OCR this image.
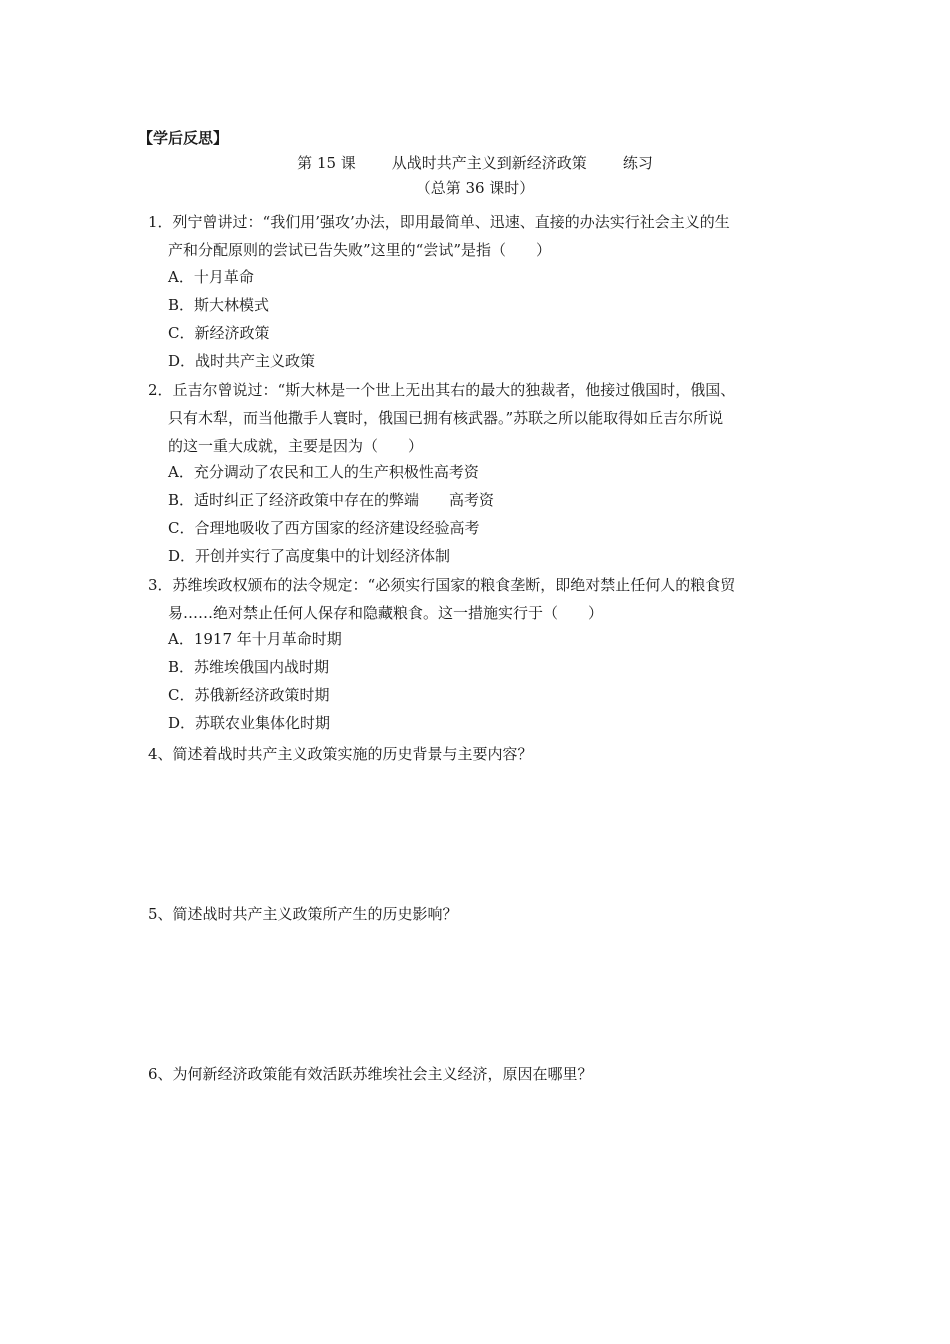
【学后反思】
第 15 课 从战时共产主义到新经济政策 练习
（总第 36 课时）
1．列宁曾讲过：“我们用’强攻’办法，即用最简单、迅速、直接的办法实行社会主义的生
产和分配原则的尝试已告失败”这里的“尝试”是指（　　）
A．十月革命
B．斯大林模式
C．新经济政策
D．战时共产主义政策
2．丘吉尔曾说过：“斯大林是一个世上无出其右的最大的独裁者，他接过俄国时，俄国、
只有木犁，而当他撒手人寰时，俄国已拥有核武器。”苏联之所以能取得如丘吉尔所说
的这一重大成就，主要是因为（　　）
A．充分调动了农民和工人的生产积极性高考资
B．适时纠正了经济政策中存在的弊端　　高考资
C．合理地吸收了西方国家的经济建设经验高考
D．开创并实行了高度集中的计划经济体制
3．苏维埃政权颁布的法令规定：“必须实行国家的粮食垄断，即绝对禁止任何人的粮食贸
易……绝对禁止任何人保存和隐藏粮食。这一措施实行于（　　）
A．1917 年十月革命时期
B．苏维埃俄国内战时期
C．苏俄新经济政策时期
D．苏联农业集体化时期
4、简述着战时共产主义政策实施的历史背景与主要内容？
5、简述战时共产主义政策所产生的历史影响？
6、为何新经济政策能有效活跃苏维埃社会主义经济，原因在哪里？
